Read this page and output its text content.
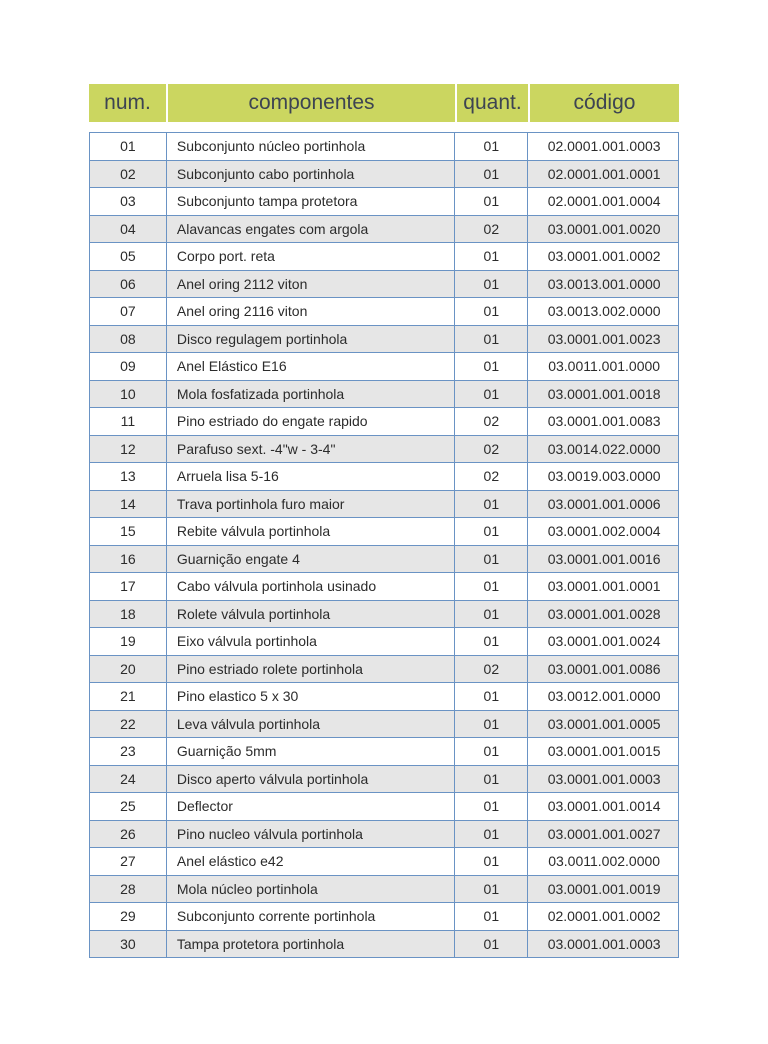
num.	componentes	quant.	código
01	Subconjunto núcleo portinhola	01	02.0001.001.0003
02	Subconjunto cabo portinhola	01	02.0001.001.0001
03	Subconjunto tampa protetora	01	02.0001.001.0004
04	Alavancas engates com argola	02	03.0001.001.0020
05	Corpo port. reta	01	03.0001.001.0002
06	Anel oring 2112 viton	01	03.0013.001.0000
07	Anel oring 2116 viton	01	03.0013.002.0000
08	Disco regulagem portinhola	01	03.0001.001.0023
09	Anel Elástico E16	01	03.0011.001.0000
10	Mola fosfatizada portinhola	01	03.0001.001.0018
11	Pino estriado do engate rapido	02	03.0001.001.0083
12	Parafuso sext. -4"w - 3-4"	02	03.0014.022.0000
13	Arruela lisa 5-16	02	03.0019.003.0000
14	Trava portinhola furo maior	01	03.0001.001.0006
15	Rebite válvula portinhola	01	03.0001.002.0004
16	Guarnição engate 4	01	03.0001.001.0016
17	Cabo válvula portinhola usinado	01	03.0001.001.0001
18	Rolete válvula portinhola	01	03.0001.001.0028
19	Eixo válvula portinhola	01	03.0001.001.0024
20	Pino estriado rolete portinhola	02	03.0001.001.0086
21	Pino elastico 5 x 30	01	03.0012.001.0000
22	Leva válvula portinhola	01	03.0001.001.0005
23	Guarnição 5mm	01	03.0001.001.0015
24	Disco aperto válvula portinhola	01	03.0001.001.0003
25	Deflector	01	03.0001.001.0014
26	Pino nucleo válvula portinhola	01	03.0001.001.0027
27	Anel elástico e42	01	03.0011.002.0000
28	Mola núcleo portinhola	01	03.0001.001.0019
29	Subconjunto corrente portinhola	01	02.0001.001.0002
30	Tampa protetora portinhola	01	03.0001.001.0003
